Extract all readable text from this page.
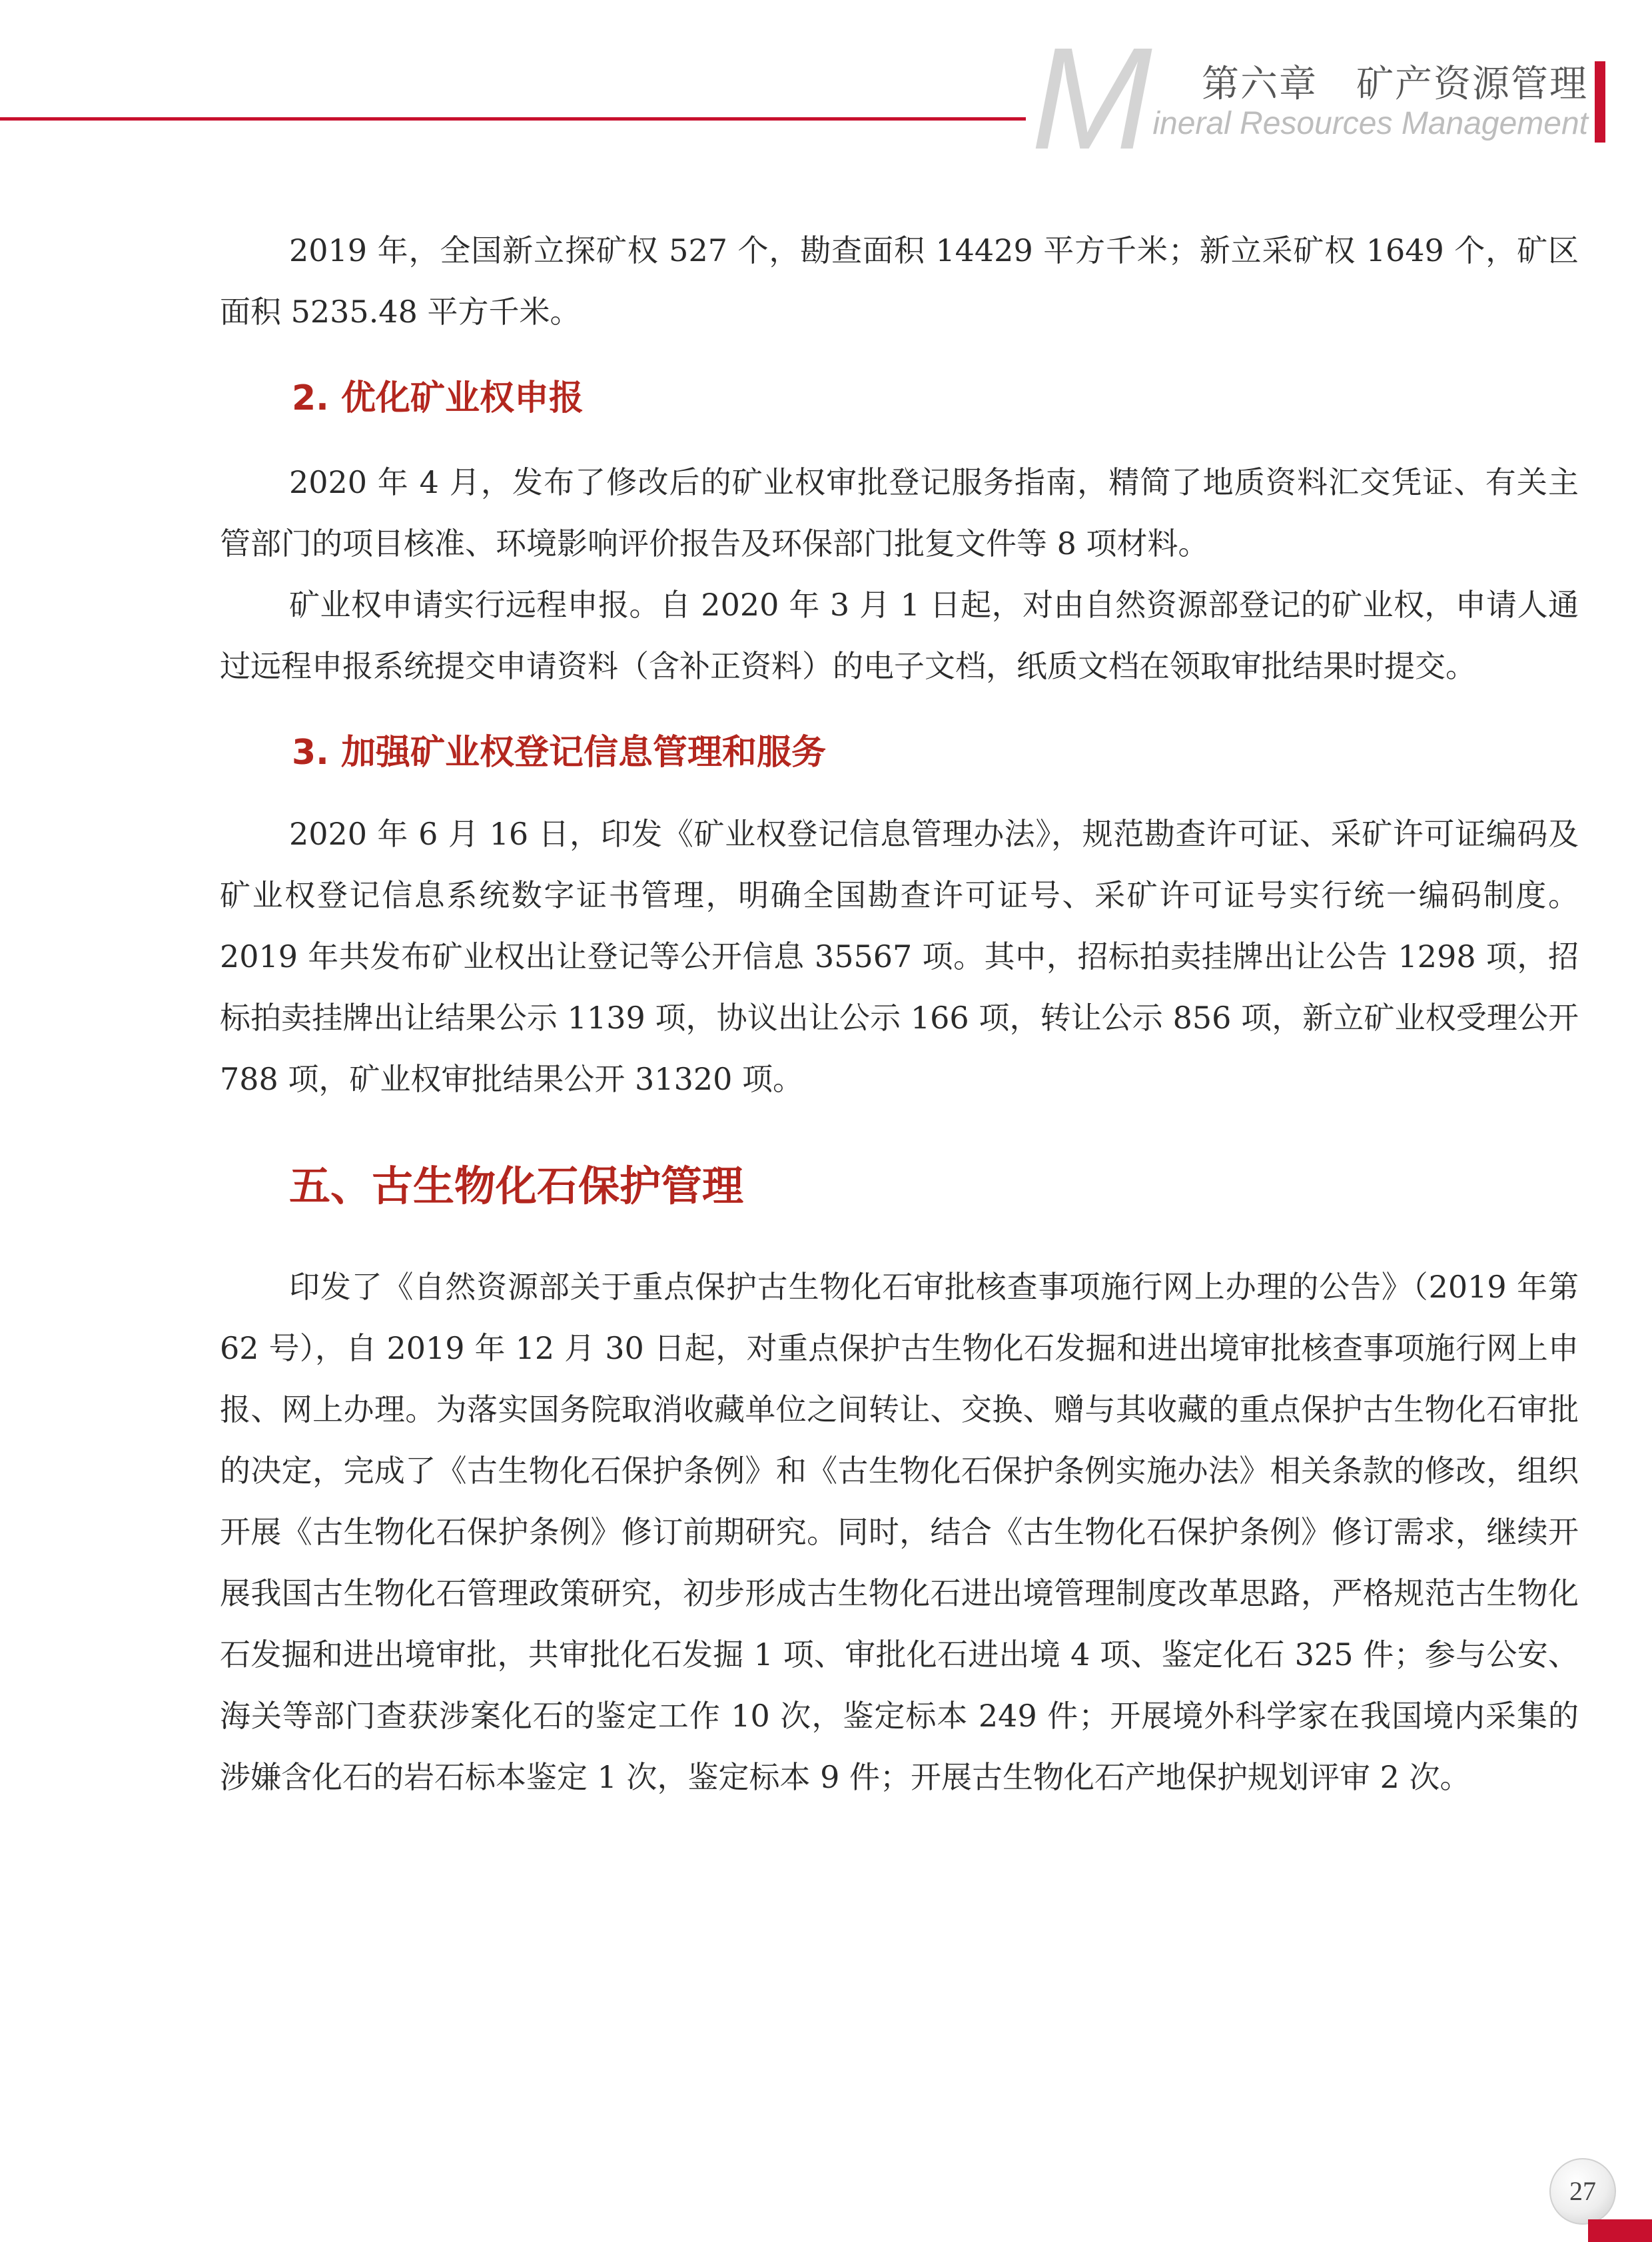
M 第六章　矿产资源管理
ineral Resources Management

2019 年，全国新立探矿权 527 个，勘查面积 14429 平方千米；新立采矿权 1649 个，矿区面积 5235.48 平方千米。

2. 优化矿业权申报

2020 年 4 月，发布了修改后的矿业权审批登记服务指南，精简了地质资料汇交凭证、有关主管部门的项目核准、环境影响评价报告及环保部门批复文件等 8 项材料。

矿业权申请实行远程申报。自 2020 年 3 月 1 日起，对由自然资源部登记的矿业权，申请人通过远程申报系统提交申请资料（含补正资料）的电子文档，纸质文档在领取审批结果时提交。

3. 加强矿业权登记信息管理和服务

2020 年 6 月 16 日，印发《矿业权登记信息管理办法》，规范勘查许可证、采矿许可证编码及矿业权登记信息系统数字证书管理，明确全国勘查许可证号、采矿许可证号实行统一编码制度。2019 年共发布矿业权出让登记等公开信息 35567 项。其中，招标拍卖挂牌出让公告 1298 项，招标拍卖挂牌出让结果公示 1139 项，协议出让公示 166 项，转让公示 856 项，新立矿业权受理公开 788 项，矿业权审批结果公开 31320 项。

五、古生物化石保护管理

印发了《自然资源部关于重点保护古生物化石审批核查事项施行网上办理的公告》（2019 年第 62 号），自 2019 年 12 月 30 日起，对重点保护古生物化石发掘和进出境审批核查事项施行网上申报、网上办理。为落实国务院取消收藏单位之间转让、交换、赠与其收藏的重点保护古生物化石审批的决定，完成了《古生物化石保护条例》和《古生物化石保护条例实施办法》相关条款的修改，组织开展《古生物化石保护条例》修订前期研究。同时，结合《古生物化石保护条例》修订需求，继续开展我国古生物化石管理政策研究，初步形成古生物化石进出境管理制度改革思路，严格规范古生物化石发掘和进出境审批，共审批化石发掘 1 项、审批化石进出境 4 项、鉴定化石 325 件；参与公安、海关等部门查获涉案化石的鉴定工作 10 次，鉴定标本 249 件；开展境外科学家在我国境内采集的涉嫌含化石的岩石标本鉴定 1 次，鉴定标本 9 件；开展古生物化石产地保护规划评审 2 次。

27
